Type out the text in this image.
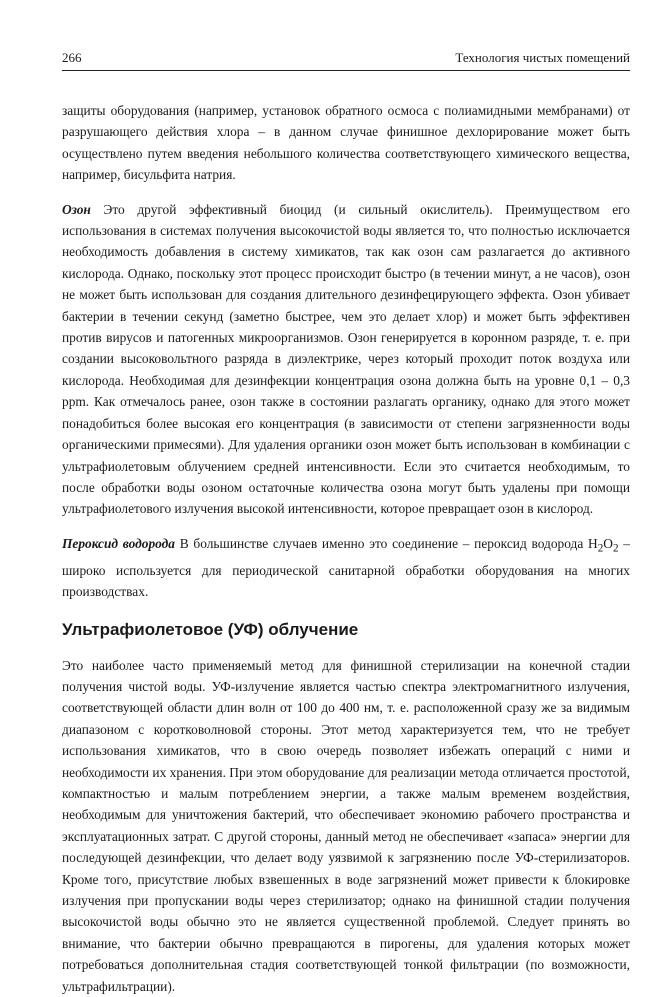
266	Технология чистых помещений

защиты оборудования (например, установок обратного осмоса с полиамидными мембранами) от разрушающего действия хлора – в данном случае финишное дехлорирование может быть осуществлено путем введения небольшого количества соответствующего химического вещества, например, бисульфита натрия.

Озон Это другой эффективный биоцид (и сильный окислитель). Преимуществом его использования в системах получения высокочистой воды является то, что полностью исключается необходимость добавления в систему химикатов, так как озон сам разлагается до активного кислорода. Однако, поскольку этот процесс происходит быстро (в течении минут, а не часов), озон не может быть использован для создания длительного дезинфецирующего эффекта. Озон убивает бактерии в течении секунд (заметно быстрее, чем это делает хлор) и может быть эффективен против вирусов и патогенных микроорганизмов. Озон генерируется в коронном разряде, т. е. при создании высоковольтного разряда в диэлектрике, через который проходит поток воздуха или кислорода. Необходимая для дезинфекции концентрация озона должна быть на уровне 0,1 – 0,3 ppm. Как отмечалось ранее, озон также в состоянии разлагать органику, однако для этого может понадобиться более высокая его концентрация (в зависимости от степени загрязненности воды органическими примесями). Для удаления органики озон может быть использован в комбинации с ультрафиолетовым облучением средней интенсивности. Если это считается необходимым, то после обработки воды озоном остаточные количества озона могут быть удалены при помощи ультрафиолетового излучения высокой интенсивности, которое превращает озон в кислород.

Пероксид водорода В большинстве случаев именно это соединение – пероксид водорода $H_2O_2$ – широко используется для периодической санитарной обработки оборудования на многих производствах.

Ультрафиолетовое (УФ) облучение

Это наиболее часто применяемый метод для финишной стерилизации на конечной стадии получения чистой воды. УФ-излучение является частью спектра электромагнитного излучения, соответствующей области длин волн от 100 до 400 нм, т. е. расположенной сразу же за видимым диапазоном с коротковолновой стороны. Этот метод характеризуется тем, что не требует использования химикатов, что в свою очередь позволяет избежать операций с ними и необходимости их хранения. При этом оборудование для реализации метода отличается простотой, компактностью и малым потреблением энергии, а также малым временем воздействия, необходимым для уничтожения бактерий, что обеспечивает экономию рабочего пространства и эксплуатационных затрат. С другой стороны, данный метод не обеспечивает «запаса» энергии для последующей дезинфекции, что делает воду уязвимой к загрязнению после УФ-стерилизаторов. Кроме того, присутствие любых взвешенных в воде загрязнений может привести к блокировке излучения при пропускании воды через стерилизатор; однако на финишной стадии получения высокочистой воды обычно это не является существенной проблемой. Следует принять во внимание, что бактерии обычно превращаются в пирогены, для удаления которых может потребоваться дополнительная стадия соответствующей тонкой фильтрации (по возможности, ультрафильтрации).
